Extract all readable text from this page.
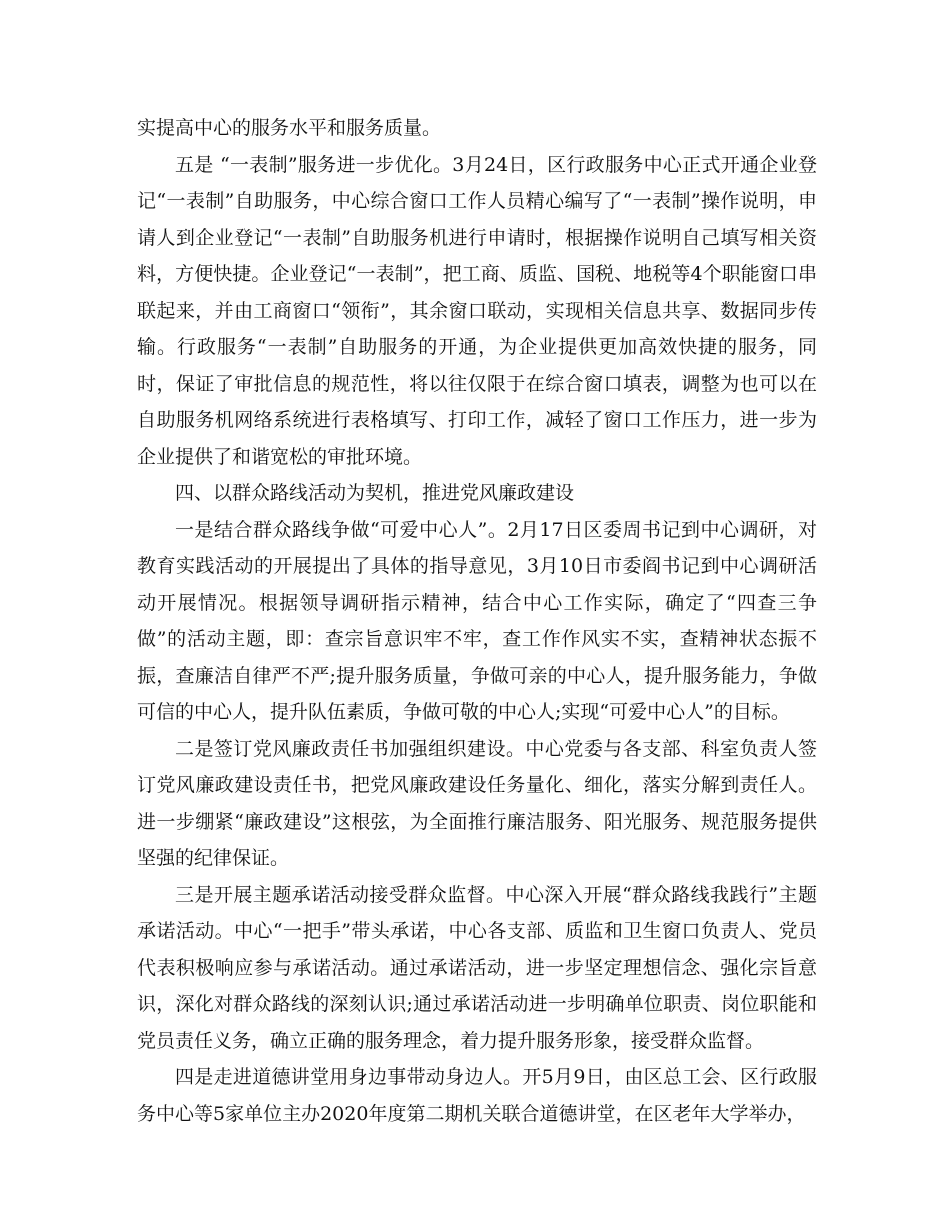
实提高中心的服务水平和服务质量。

五是 “一表制”服务进一步优化。3月24日，区行政服务中心正式开通企业登记“一表制”自助服务，中心综合窗口工作人员精心编写了“一表制”操作说明，申请人到企业登记“一表制”自助服务机进行申请时，根据操作说明自己填写相关资料，方便快捷。企业登记“一表制”，把工商、质监、国税、地税等4个职能窗口串联起来，并由工商窗口“领衔”，其余窗口联动，实现相关信息共享、数据同步传输。行政服务“一表制”自助服务的开通，为企业提供更加高效快捷的服务，同时，保证了审批信息的规范性，将以往仅限于在综合窗口填表，调整为也可以在自助服务机网络系统进行表格填写、打印工作，减轻了窗口工作压力，进一步为企业提供了和谐宽松的审批环境。

四、以群众路线活动为契机，推进党风廉政建设

一是结合群众路线争做“可爱中心人”。2月17日区委周书记到中心调研，对教育实践活动的开展提出了具体的指导意见，3月10日市委阎书记到中心调研活动开展情况。根据领导调研指示精神，结合中心工作实际，确定了“四查三争做”的活动主题，即：查宗旨意识牢不牢，查工作作风实不实，查精神状态振不振，查廉洁自律严不严;提升服务质量，争做可亲的中心人，提升服务能力，争做可信的中心人，提升队伍素质，争做可敬的中心人;实现“可爱中心人”的目标。

二是签订党风廉政责任书加强组织建设。中心党委与各支部、科室负责人签订党风廉政建设责任书，把党风廉政建设任务量化、细化，落实分解到责任人。进一步绷紧“廉政建设”这根弦，为全面推行廉洁服务、阳光服务、规范服务提供坚强的纪律保证。

三是开展主题承诺活动接受群众监督。中心深入开展“群众路线我践行”主题承诺活动。中心“一把手”带头承诺，中心各支部、质监和卫生窗口负责人、党员代表积极响应参与承诺活动。通过承诺活动，进一步坚定理想信念、强化宗旨意识，深化对群众路线的深刻认识;通过承诺活动进一步明确单位职责、岗位职能和党员责任义务，确立正确的服务理念，着力提升服务形象，接受群众监督。

四是走进道德讲堂用身边事带动身边人。开5月9日，由区总工会、区行政服务中心等5家单位主办2020年度第二期机关联合道德讲堂，在区老年大学举办，
